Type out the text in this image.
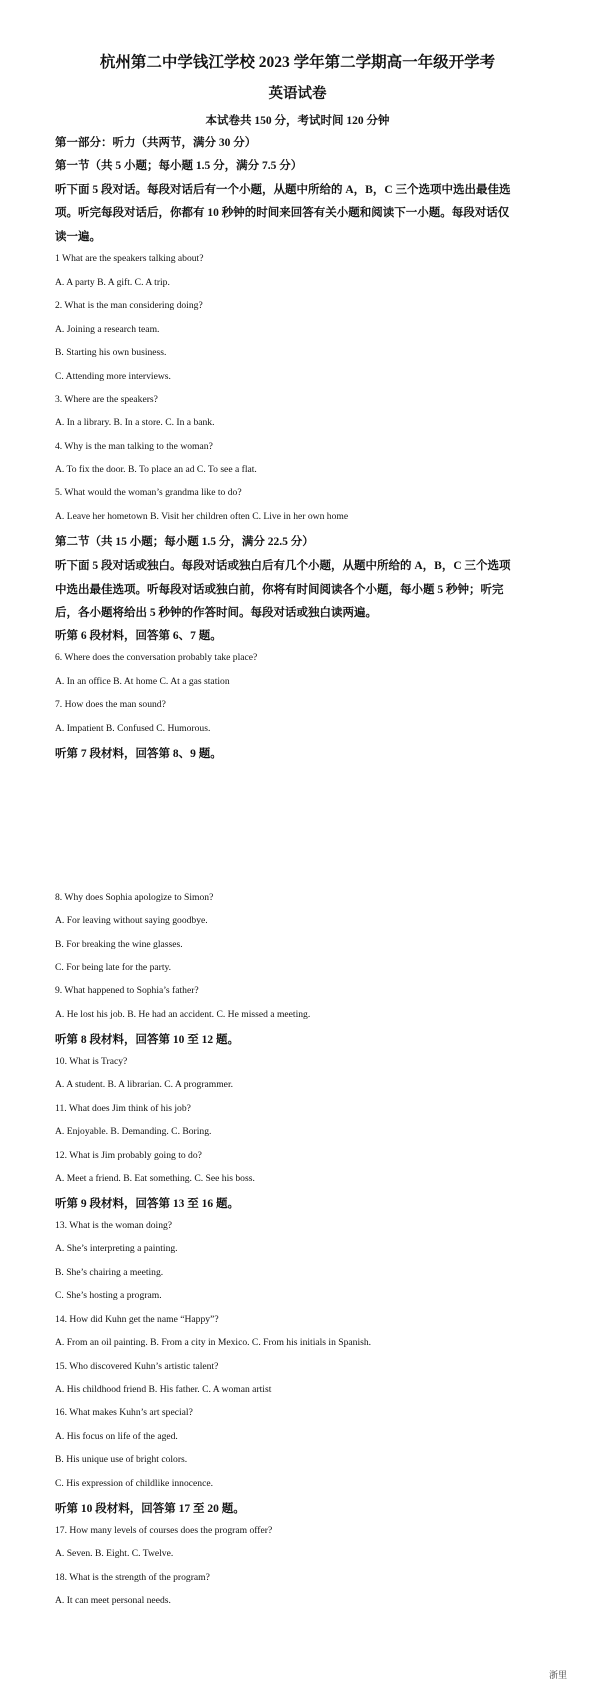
杭州第二中学钱江学校 2023 学年第二学期高一年级开学考
英语试卷
本试卷共 150 分，考试时间 120 分钟
第一部分：听力（共两节，满分 30 分）
第一节（共 5 小题；每小题 1.5 分，满分 7.5 分）
听下面 5 段对话。每段对话后有一个小题，从题中所给的 A，B，C 三个选项中选出最佳选
项。听完每段对话后，你都有 10 秒钟的时间来回答有关小题和阅读下一小题。每段对话仅
读一遍。
1 What are the speakers talking about?
A. A party B. A gift. C. A trip.
2. What is the man considering doing?
A. Joining a research team.
B. Starting his own business.
C. Attending more interviews.
3. Where are the speakers?
A. In a library. B. In a store. C. In a bank.
4. Why is the man talking to the woman?
A. To fix the door. B. To place an ad C. To see a flat.
5. What would the woman’s grandma like to do?
A. Leave her hometown B. Visit her children often C. Live in her own home
第二节（共 15 小题；每小题 1.5 分，满分 22.5 分）
听下面 5 段对话或独白。每段对话或独白后有几个小题，从题中所给的 A，B，C 三个选项
中选出最佳选项。听每段对话或独白前，你将有时间阅读各个小题，每小题 5 秒钟；听完
后，各小题将给出 5 秒钟的作答时间。每段对话或独白读两遍。
听第 6 段材料，回答第 6、7 题。
6. Where does the conversation probably take place?
A. In an office B. At home C. At a gas station
7. How does the man sound?
A. Impatient B. Confused C. Humorous.
听第 7 段材料，回答第 8、9 题。
8. Why does Sophia apologize to Simon?
A. For leaving without saying goodbye.
B. For breaking the wine glasses.
C. For being late for the party.
9. What happened to Sophia’s father?
A. He lost his job. B. He had an accident. C. He missed a meeting.
听第 8 段材料，回答第 10 至 12 题。
10. What is Tracy?
A. A student. B. A librarian. C. A programmer.
11. What does Jim think of his job?
A. Enjoyable. B. Demanding. C. Boring.
12. What is Jim probably going to do?
A. Meet a friend. B. Eat something. C. See his boss.
听第 9 段材料，回答第 13 至 16 题。
13. What is the woman doing?
A. She’s interpreting a painting.
B. She’s chairing a meeting.
C. She’s hosting a program.
14. How did Kuhn get the name “Happy”?
A. From an oil painting. B. From a city in Mexico. C. From his initials in Spanish.
15. Who discovered Kuhn’s artistic talent?
A. His childhood friend B. His father. C. A woman artist
16. What makes Kuhn’s art special?
A. His focus on life of the aged.
B. His unique use of bright colors.
C. His expression of childlike innocence.
听第 10 段材料，回答第 17 至 20 题。
17. How many levels of courses does the program offer?
A. Seven. B. Eight. C. Twelve.
18. What is the strength of the program?
A. It can meet personal needs.
浙里
